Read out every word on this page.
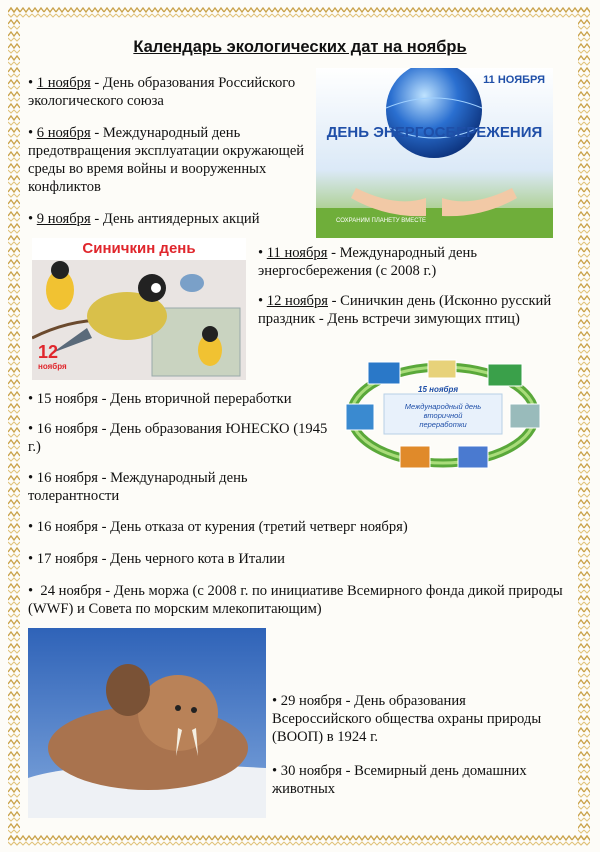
Календарь экологических дат на ноябрь
• 1 ноября - День образования Российского экологического союза
• 6 ноября - Международный день предотвращения эксплуатации окружающей среды во время войны и вооруженных конфликтов
• 9 ноября - День антиядерных акций
• 11 ноября - Международный день энергосбережения (с 2008 г.)
• 12 ноября - Синичкин день (Исконно русский праздник - День встречи зимующих птиц)
• 15 ноября - День вторичной переработки
• 16 ноября - День образования ЮНЕСКО (1945 г.)
• 16 ноября - Международный день толерантности
• 16 ноября - День отказа от курения (третий четверг ноября)
• 17 ноября - День черного кота в Италии
•  24 ноября - День моржа (с 2008 г. по инициативе Всемирного фонда дикой природы (WWF) и Совета по морским млекопитающим)
• 29 ноября - День образования Всероссийского общества охраны природы (ВООП) в 1924 г.
• 30 ноября - Всемирный день домашних животных
11 НОЯБРЯ
ДЕНЬ ЭНЕРГОСБЕРЕЖЕНИЯ
СОХРАНИМ ПЛАНЕТУ ВМЕСТЕ
Синичкин день
12
ноября
15 ноября
Международный день
вторичной
переработки
